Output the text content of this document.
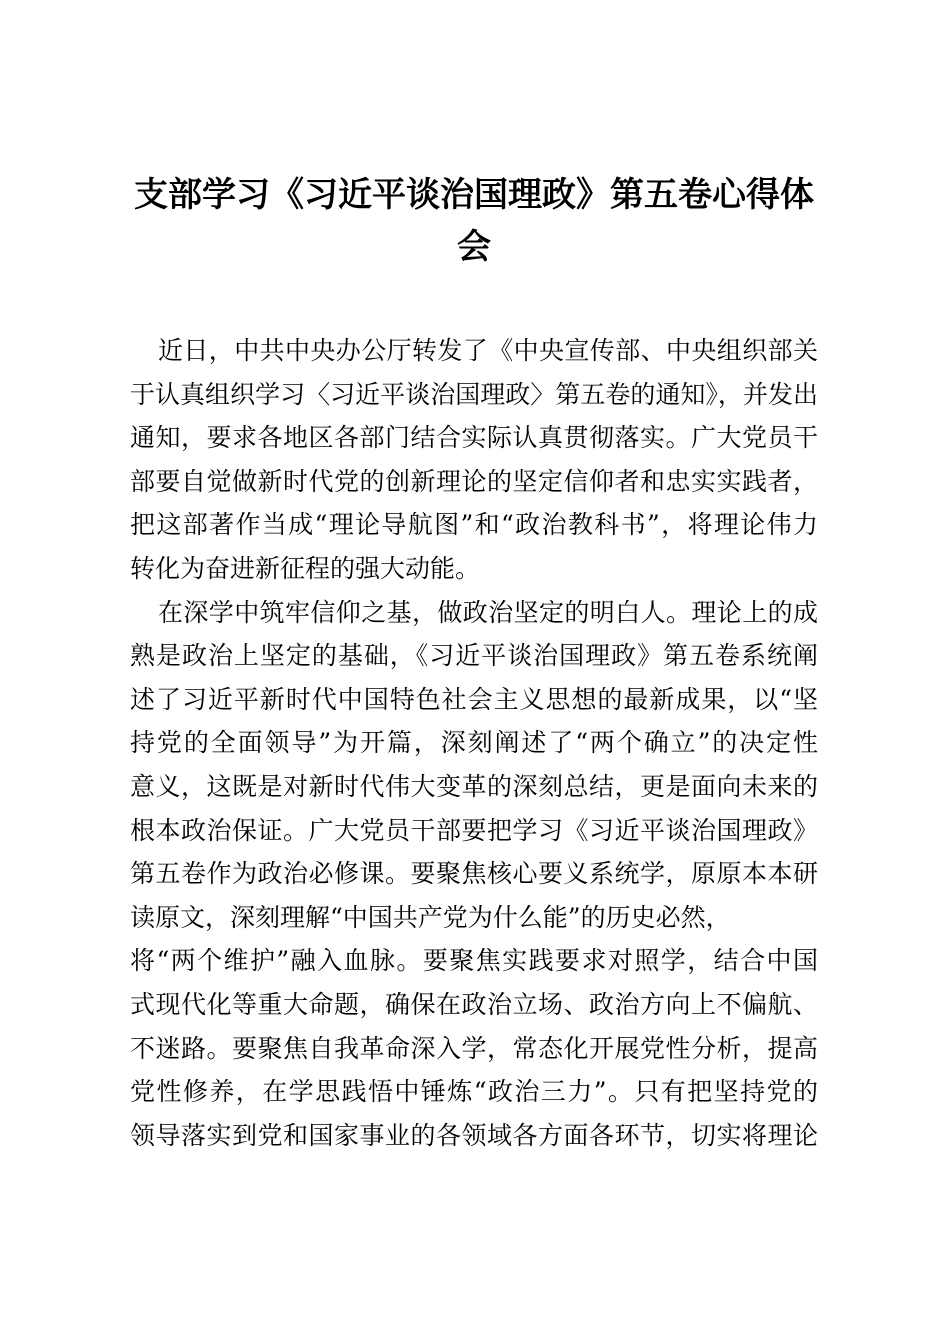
支部学习《习近平谈治国理政》第五卷心得体
会
近日，中共中央办公厅转发了《中央宣传部、中央组织部关
于认真组织学习〈习近平谈治国理政〉第五卷的通知》，并发出
通知，要求各地区各部门结合实际认真贯彻落实。广大党员干
部要自觉做新时代党的创新理论的坚定信仰者和忠实实践者，
把这部著作当成“理论导航图”和“政治教科书”，将理论伟力
转化为奋进新征程的强大动能。
在深学中筑牢信仰之基，做政治坚定的明白人。理论上的成
熟是政治上坚定的基础，《习近平谈治国理政》第五卷系统阐
述了习近平新时代中国特色社会主义思想的最新成果，以“坚
持党的全面领导”为开篇，深刻阐述了“两个确立”的决定性
意义，这既是对新时代伟大变革的深刻总结，更是面向未来的
根本政治保证。广大党员干部要把学习《习近平谈治国理政》
第五卷作为政治必修课。要聚焦核心要义系统学，原原本本研
读原文，深刻理解“中国共产党为什么能”的历史必然，
将“两个维护”融入血脉。要聚焦实践要求对照学，结合中国
式现代化等重大命题，确保在政治立场、政治方向上不偏航、
不迷路。要聚焦自我革命深入学，常态化开展党性分析，提高
党性修养，在学思践悟中锤炼“政治三力”。只有把坚持党的
领导落实到党和国家事业的各领域各方面各环节，切实将理论
